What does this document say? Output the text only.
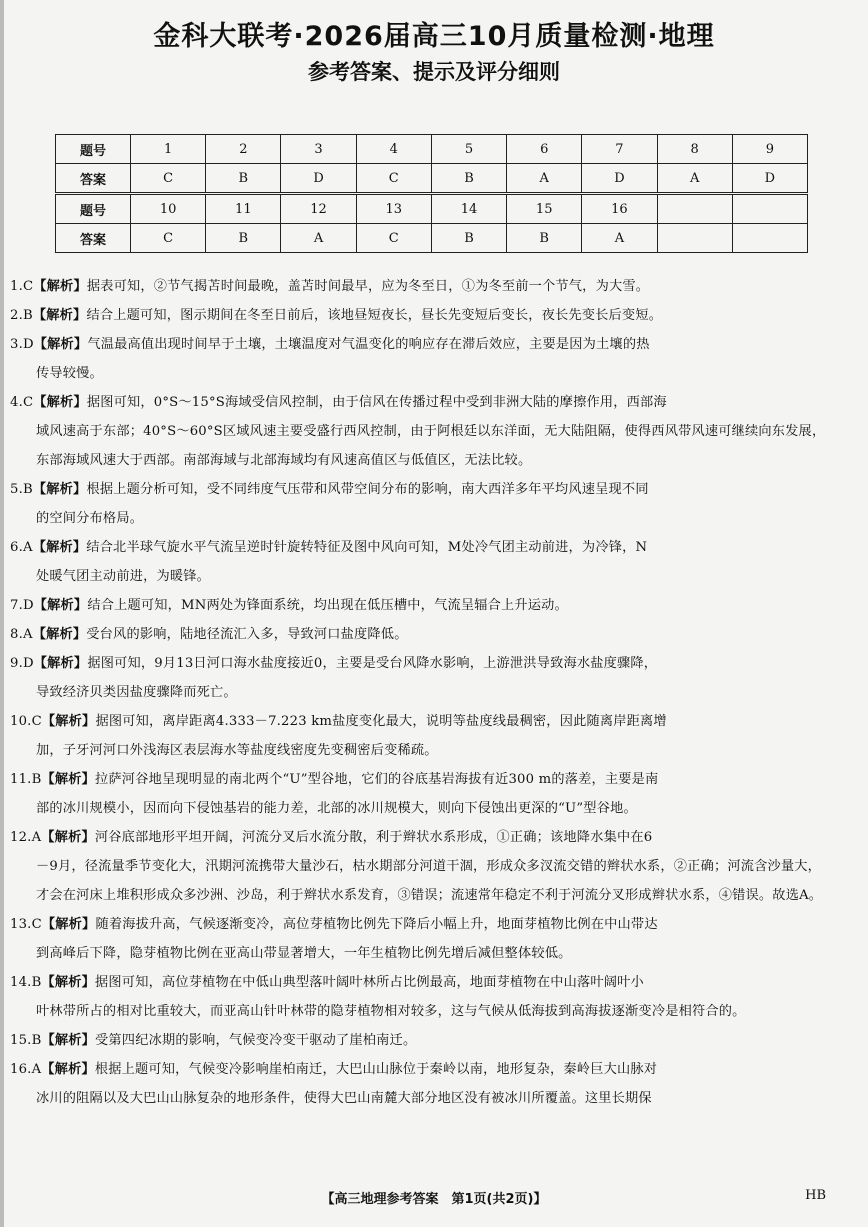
金科大联考·2026届高三10月质量检测·地理
参考答案、提示及评分细则
题号	1	2	3	4	5	6	7	8	9
答案	C	B	D	C	B	A	D	A	D
题号	10	11	12	13	14	15	16		
答案	C	B	A	C	B	B	A		
1.C【解析】据表可知，②节气揭苫时间最晚，盖苫时间最早，应为冬至日，①为冬至前一个节气，为大雪。
2.B【解析】结合上题可知，图示期间在冬至日前后，该地昼短夜长，昼长先变短后变长，夜长先变长后变短。
3.D【解析】气温最高值出现时间早于土壤，土壤温度对气温变化的响应存在滞后效应，主要是因为土壤的热
传导较慢。
4.C【解析】据图可知，0°S～15°S海域受信风控制，由于信风在传播过程中受到非洲大陆的摩擦作用，西部海
域风速高于东部；40°S～60°S区域风速主要受盛行西风控制，由于阿根廷以东洋面，无大陆阻隔，使得西风带风速可继续向东发展，东部海域风速大于西部。南部海域与北部海域均有风速高值区与低值区，无法比较。
5.B【解析】根据上题分析可知，受不同纬度气压带和风带空间分布的影响，南大西洋多年平均风速呈现不同
的空间分布格局。
6.A【解析】结合北半球气旋水平气流呈逆时针旋转特征及图中风向可知，M处冷气团主动前进，为冷锋，N
处暖气团主动前进，为暖锋。
7.D【解析】结合上题可知，MN两处为锋面系统，均出现在低压槽中，气流呈辐合上升运动。
8.A【解析】受台风的影响，陆地径流汇入多，导致河口盐度降低。
9.D【解析】据图可知，9月13日河口海水盐度接近0，主要是受台风降水影响，上游泄洪导致海水盐度骤降，
导致经济贝类因盐度骤降而死亡。
10.C【解析】据图可知，离岸距离4.333－7.223 km盐度变化最大，说明等盐度线最稠密，因此随离岸距离增
加，子牙河河口外浅海区表层海水等盐度线密度先变稠密后变稀疏。
11.B【解析】拉萨河谷地呈现明显的南北两个“U”型谷地，它们的谷底基岩海拔有近300 m的落差，主要是南
部的冰川规模小，因而向下侵蚀基岩的能力差，北部的冰川规模大，则向下侵蚀出更深的“U”型谷地。
12.A【解析】河谷底部地形平坦开阔，河流分叉后水流分散，利于辫状水系形成，①正确；该地降水集中在6
－9月，径流量季节变化大，汛期河流携带大量沙石，枯水期部分河道干涸，形成众多汊流交错的辫状水系，②正确；河流含沙量大，才会在河床上堆积形成众多沙洲、沙岛，利于辫状水系发育，③错误；流速常年稳定不利于河流分叉形成辫状水系，④错误。故选A。
13.C【解析】随着海拔升高，气候逐渐变冷，高位芽植物比例先下降后小幅上升，地面芽植物比例在中山带达
到高峰后下降，隐芽植物比例在亚高山带显著增大，一年生植物比例先增后减但整体较低。
14.B【解析】据图可知，高位芽植物在中低山典型落叶阔叶林所占比例最高，地面芽植物在中山落叶阔叶小
叶林带所占的相对比重较大，而亚高山针叶林带的隐芽植物相对较多，这与气候从低海拔到高海拔逐渐变冷是相符合的。
15.B【解析】受第四纪冰期的影响，气候变冷变干驱动了崖柏南迁。
16.A【解析】根据上题可知，气候变冷影响崖柏南迁，大巴山山脉位于秦岭以南，地形复杂，秦岭巨大山脉对
冰川的阻隔以及大巴山山脉复杂的地形条件，使得大巴山南麓大部分地区没有被冰川所覆盖。这里长期保
【高三地理参考答案　第1页(共2页)】	HB
